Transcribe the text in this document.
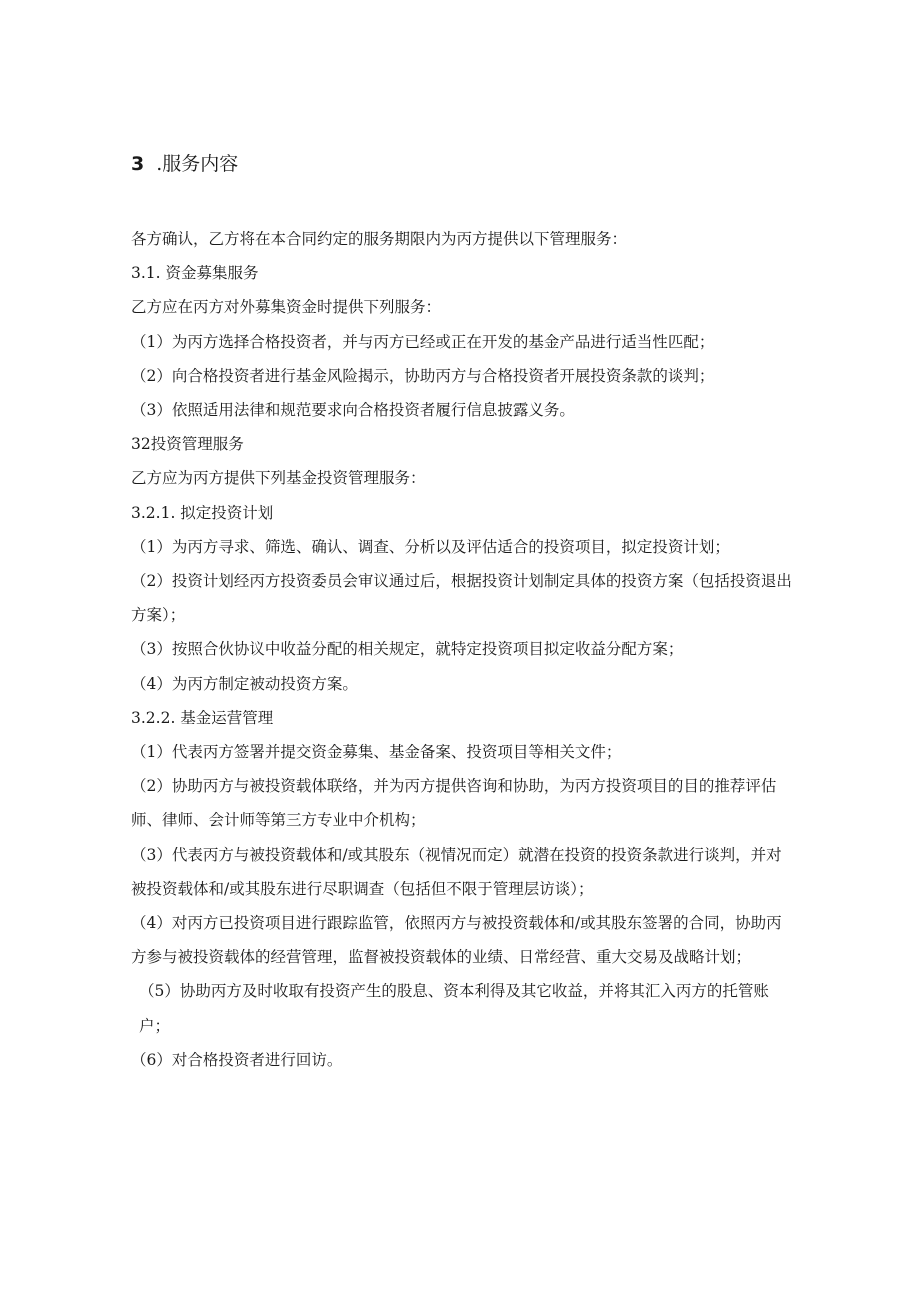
3 .服务内容

各方确认，乙方将在本合同约定的服务期限内为丙方提供以下管理服务：

3.1. 资金募集服务

乙方应在丙方对外募集资金时提供下列服务：

（1）为丙方选择合格投资者，并与丙方已经或正在开发的基金产品进行适当性匹配；

（2）向合格投资者进行基金风险揭示，协助丙方与合格投资者开展投资条款的谈判；

（3）依照适用法律和规范要求向合格投资者履行信息披露义务。

32投资管理服务

乙方应为丙方提供下列基金投资管理服务：

3.2.1. 拟定投资计划

（1）为丙方寻求、筛选、确认、调查、分析以及评估适合的投资项目，拟定投资计划；

（2）投资计划经丙方投资委员会审议通过后，根据投资计划制定具体的投资方案（包括投资退出方案）；

（3）按照合伙协议中收益分配的相关规定，就特定投资项目拟定收益分配方案；

（4）为丙方制定被动投资方案。

3.2.2. 基金运营管理

（1）代表丙方签署并提交资金募集、基金备案、投资项目等相关文件；

（2）协助丙方与被投资载体联络，并为丙方提供咨询和协助，为丙方投资项目的目的推荐评估师、律师、会计师等第三方专业中介机构；

（3）代表丙方与被投资载体和/或其股东（视情况而定）就潜在投资的投资条款进行谈判，并对被投资载体和/或其股东进行尽职调查（包括但不限于管理层访谈）；

（4）对丙方已投资项目进行跟踪监管，依照丙方与被投资载体和/或其股东签署的合同，协助丙方参与被投资载体的经营管理，监督被投资载体的业绩、日常经营、重大交易及战略计划；

（5）协助丙方及时收取有投资产生的股息、资本利得及其它收益，并将其汇入丙方的托管账户；

（6）对合格投资者进行回访。
